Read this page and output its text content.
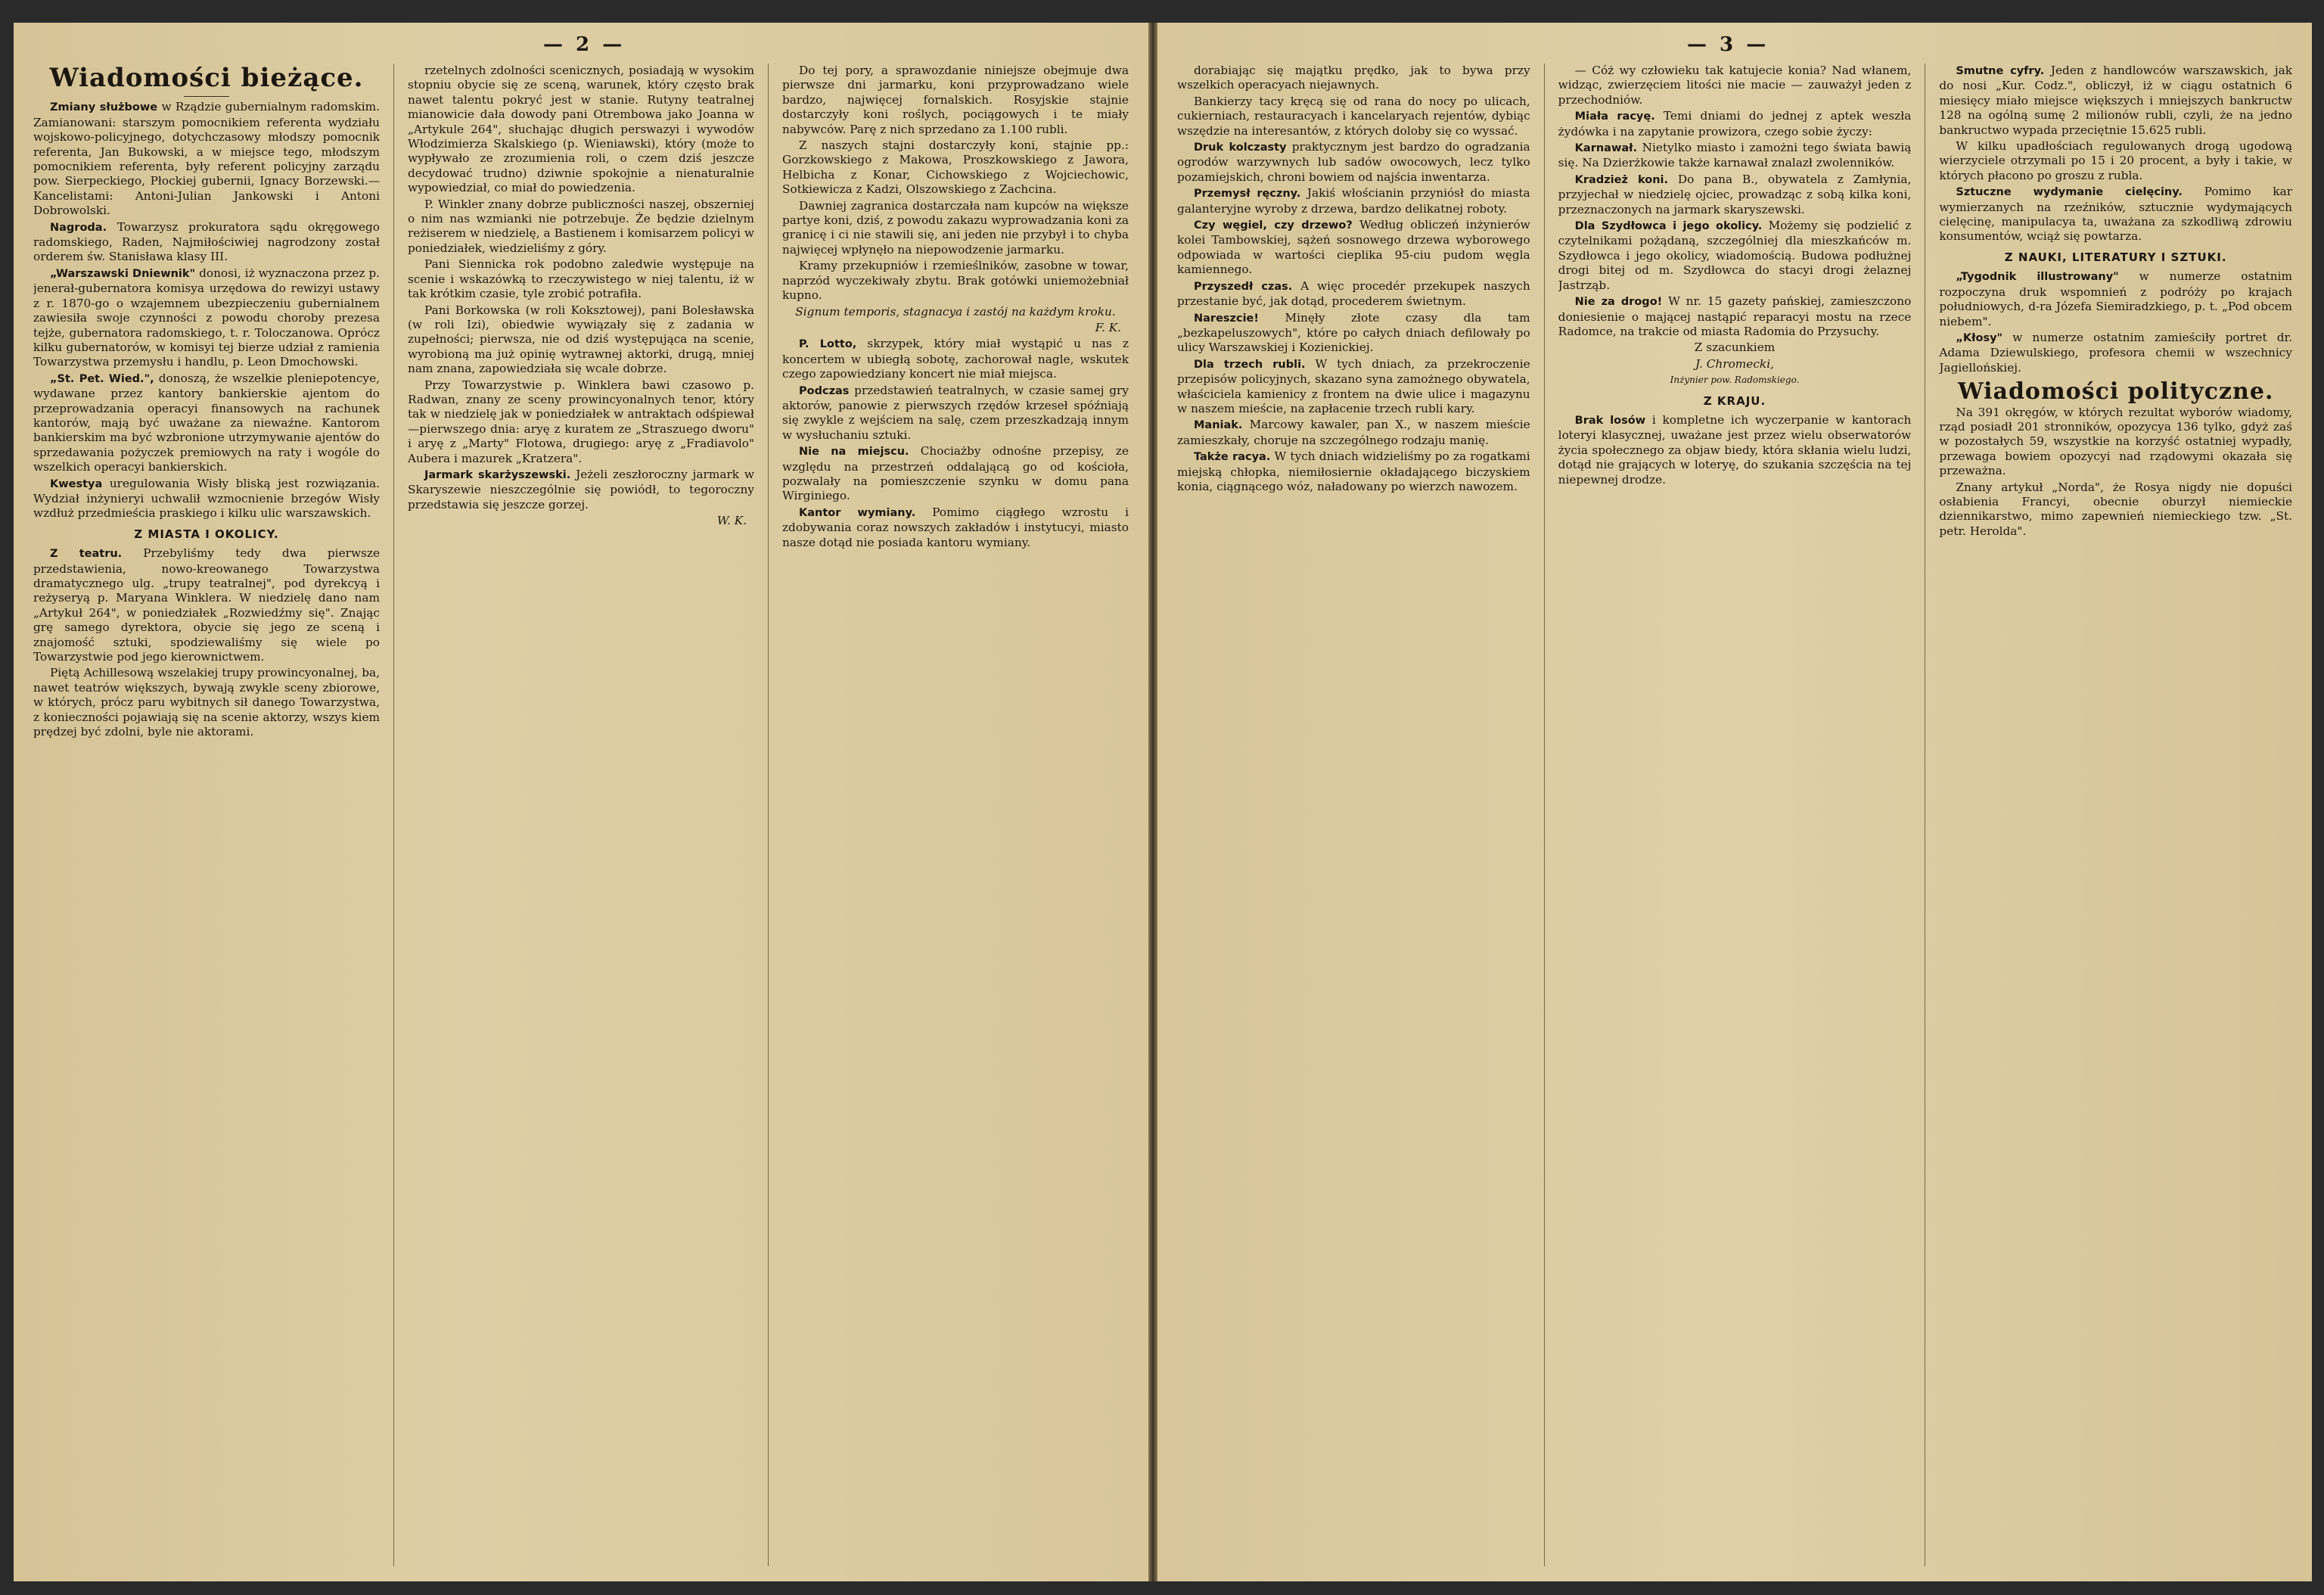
— 2 —
Wiadomości bieżące.

Zmiany służbowe w Rządzie gubernialnym radomskim. Zamianowani: starszym pomocnikiem referenta wydziału wojskowo-policyjnego, dotychczasowy młodszy pomocnik referenta, Jan Bukowski, a w miejsce tego, młodszym pomocnikiem referenta, były referent policyjny zarządu pow. Sierpeckiego, Płockiej gubernii, Ignacy Borzewski.—Kancelistami: Antoni-Julian Jankowski i Antoni Dobrowolski.

Nagroda. Towarzysz prokuratora sądu okręgowego radomskiego, Raden, Najmiłościwiej nagrodzony został orderem św. Stanisława klasy III.

„Warszawski Dniewnik" donosi, iż wyznaczona przez p. jenerał-gubernatora komisya urzędowa do rewizyi ustawy z r. 1870-go o wzajemnem ubezpieczeniu gubernialnem zawiesiła swoje czynności z powodu choroby prezesa tejże, gubernatora radomskiego, t. r. Toloczanowa. Oprócz kilku gubernatorów, w komisyi tej bierze udział z ramienia Towarzystwa przemysłu i handlu, p. Leon Dmochowski.

„St. Pet. Wied.", donoszą, że wszelkie pleniepotencye, wydawane przez kantory bankierskie ajentom do przeprowadzania operacyi finansowych na rachunek kantorów, mają być uważane za niewaźne. Kantorom bankierskim ma być wzbronione utrzymywanie ajentów do sprzedawania pożyczek premiowych na raty i wogóle do wszelkich operacyi bankierskich.

Kwestya uregulowania Wisły bliską jest rozwiązania. Wydział inżynieryi uchwalił wzmocnienie brzegów Wisły wzdłuż przedmieścia praskiego i kilku ulic warszawskich.

Z MIASTA I OKOLICY.

Z teatru. Przebyliśmy tedy dwa pierwsze przedstawienia, nowo-kreowanego Towarzystwa dramatycznego ulg. „trupy teatralnej", pod dyrekcyą i reżyseryą p. Maryana Winklera. W niedzielę dano nam „Artykuł 264", w poniedziałek „Rozwiedźmy się". Znając grę samego dyrektora, obycie się jego ze sceną i znajomość sztuki, spodziewaliśmy się wiele po Towarzystwie pod jego kierownictwem.

Piętą Achillesową wszelakiej trupy prowincyonalnej, ba, nawet teatrów większych, bywają zwykle sceny zbiorowe, w których, prócz paru wybitnych sił danego Towarzystwa, z konieczności pojawiają się na scenie aktorzy, wszys kiem prędzej być zdolni, byle nie aktorami.

rzetelnych zdolności scenicznych, posiadają w wysokim stopniu obycie się ze sceną, warunek, który często brak nawet talentu pokryć jest w stanie. Rutyny teatralnej mianowicie dała dowody pani Otrembowa jako Joanna w „Artykule 264", słuchając długich perswazyi i wywodów Włodzimierza Skalskiego (p. Wieniawski), który (może to wypływało ze zrozumienia roli, o czem dziś jeszcze decydować trudno) dziwnie spokojnie a nienaturalnie wypowiedział, co miał do powiedzenia.

P. Winkler znany dobrze publiczności naszej, obszerniej o nim nas wzmianki nie potrzebuje. Że będzie dzielnym reżiserem w niedzielę, a Bastienem i komisarzem policyi w poniedziałek, wiedzieliśmy z góry.

Pani Siennicka rok podobno zaledwie występuje na scenie i wskazówką to rzeczywistego w niej talentu, iż w tak krótkim czasie, tyle zrobić potrafiła.

Pani Borkowska (w roli Koksztowej), pani Bolesławska (w roli Izi), obiedwie wywiązały się z zadania w zupełności; pierwsza, nie od dziś występująca na scenie, wyrobioną ma już opinię wytrawnej aktorki, drugą, mniej nam znana, zapowiedziała się wcale dobrze.

Przy Towarzystwie p. Winklera bawi czasowo p. Radwan, znany ze sceny prowincyonalnych tenor, który tak w niedzielę jak w poniedziałek w antraktach odśpiewał—pierwszego dnia: aryę z kuratem ze „Straszuego dworu" i aryę z „Marty" Flotowa, drugiego: aryę z „Fradiavolo" Aubera i mazurek „Kratzera".

Jarmark skarżyszewski. Jeżeli zeszłoroczny jarmark w Skaryszewie nieszczególnie się powiódł, to tegoroczny przedstawia się jeszcze gorzej.

W. K.

Do tej pory, a sprawozdanie niniejsze obejmuje dwa pierwsze dni jarmarku, koni przyprowadzano wiele bardzo, najwięcej fornalskich. Rosyjskie stajnie dostarczyły koni roślych, pociągowych i te miały nabywców. Parę z nich sprzedano za 1.100 rubli.

Z naszych stajni dostarczyły koni, stajnie pp.: Gorzkowskiego z Makowa, Proszkowskiego z Jawora, Helbicha z Konar, Cichowskiego z Wojciechowic, Sotkiewicza z Kadzi, Olszowskiego z Zachcina.

Dawniej zagranica dostarczała nam kupców na większe partye koni, dziś, z powodu zakazu wyprowadzania koni za granicę i ci nie stawili się, ani jeden nie przybył i to chyba najwięcej wpłynęło na niepowodzenie jarmarku.

Kramy przekupniów i rzemieślników, zasobne w towar, naprzód wyczekiwały zbytu. Brak gotówki uniemożebniał kupno.

Signum temporis, stagnacya i zastój na każdym kroku.

F. K.

P. Lotto, skrzypek, który miał wystąpić u nas z koncertem w ubiegłą sobotę, zachorował nagle, wskutek czego zapowiedziany koncert nie miał miejsca.

Podczas przedstawień teatralnych, w czasie samej gry aktorów, panowie z pierwszych rzędów krzeseł spóźniają się zwykle z wejściem na salę, czem przeszkadzają innym w wysłuchaniu sztuki.

Nie na miejscu. Chociażby odnośne przepisy, ze względu na przestrzeń oddalającą go od kościoła, pozwalały na pomieszczenie szynku w domu pana Wirginiego.

Kantor wymiany. Pomimo ciągłego wzrostu i zdobywania coraz nowszych zakładów i instytucyi, miasto nasze dotąd nie posiada kantoru wymiany.

— 3 —

dorabiając się majątku prędko, jak to bywa przy wszelkich operacyach niejawnych.

Bankierzy tacy kręcą się od rana do nocy po ulicach, cukierniach, restauracyach i kancelaryach rejentów, dybiąc wszędzie na interesantów, z których doloby się co wyssać.

Druk kolczasty praktycznym jest bardzo do ogradzania ogrodów warzywnych lub sadów owocowych, lecz tylko pozamiejskich, chroni bowiem od najścia inwentarza.

Przemysł ręczny. Jakiś włościanin przyniósł do miasta galanteryjne wyroby z drzewa, bardzo delikatnej roboty.

Czy węgiel, czy drzewo? Według obliczeń inżynierów kolei Tambowskiej, sążeń sosnowego drzewa wyborowego odpowiada w wartości cieplika 95-ciu pudom węgla kamiennego.

Przyszedł czas. A więc procedér przekupek naszych przestanie być, jak dotąd, procederem świetnym.

Nareszcie! Minęły złote czasy dla tam „bezkapeluszowych", które po całych dniach defilowały po ulicy Warszawskiej i Kozienickiej.

Dla trzech rubli. W tych dniach, za przekroczenie przepisów policyjnych, skazano syna zamożnego obywatela, właściciela kamienicy z frontem na dwie ulice i magazynu w naszem mieście, na zapłacenie trzech rubli kary.

Maniak. Marcowy kawaler, pan X., w naszem mieście zamieszkały, choruje na szczególnego rodzaju manię.

Także racya. W tych dniach widzieliśmy po za rogatkami miejską chłopka, niemiłosiernie okładającego biczyskiem konia, ciągnącego wóz, naładowany po wierzch nawozem.

— Cóż wy człowieku tak katujecie konia? Nad włanem, widząc, zwierzęciem litości nie macie — zauważył jeden z przechodniów.

Miała racyę. Temi dniami do jednej z aptek weszła żydówka i na zapytanie prowizora, czego sobie życzy:

Karnawał. Nietylko miasto i zamożni tego świata bawią się. Na Dzierżkowie także karnawał znalazł zwolenników.

Kradzież koni. Do pana B., obywatela z Zamłynia, przyjechał w niedzielę ojciec, prowadząc z sobą kilka koni, przeznaczonych na jarmark skaryszewski.

Dla Szydłowca i jego okolicy. Możemy się podzielić z czytelnikami pożądaną, szczególniej dla mieszkańców m. Szydłowca i jego okolicy, wiadomością. Budowa podłużnej drogi bitej od m. Szydłowca do stacyi drogi żelaznej Jastrząb.

Nie za drogo! W nr. 15 gazety pańskiej, zamieszczono doniesienie o mającej nastąpić reparacyi mostu na rzece Radomce, na trakcie od miasta Radomia do Przysuchy.

Z szacunkiem
J. Chromecki,
Inżynier pow. Radomskiego.
Z KRAJU.

Brak losów i kompletne ich wyczerpanie w kantorach loteryi klasycznej, uważane jest przez wielu obserwatorów życia społecznego za objaw biedy, która skłania wielu ludzi, dotąd nie grających w loteryę, do szukania szczęścia na tej niepewnej drodze.

Smutne cyfry. Jeden z handlowców warszawskich, jak do nosi „Kur. Codz.", obliczył, iż w ciągu ostatnich 6 miesięcy miało miejsce większych i mniejszych bankructw 128 na ogólną sumę 2 milionów rubli, czyli, że na jedno bankructwo wypada przeciętnie 15.625 rubli.

W kilku upadłościach regulowanych drogą ugodową wierzyciele otrzymali po 15 i 20 procent, a były i takie, w których płacono po groszu z rubla.

Sztuczne wydymanie cielęciny. Pomimo kar wymierzanych na rzeźników, sztucznie wydymających cielęcinę, manipulacya ta, uważana za szkodliwą zdrowiu konsumentów, wciąż się powtarza.

Z NAUKI, LITERATURY I SZTUKI.

„Tygodnik illustrowany" w numerze ostatnim rozpoczyna druk wspomnień z podróży po krajach południowych, d-ra Józefa Siemiradzkiego, p. t. „Pod obcem niebem".

„Kłosy" w numerze ostatnim zamieściły portret dr. Adama Dziewulskiego, profesora chemii w wszechnicy Jagiellońskiej.

Wiadomości polityczne.

Na 391 okręgów, w których rezultat wyborów wiadomy, rząd posiadł 201 stronników, opozycya 136 tylko, gdyż zaś w pozostałych 59, wszystkie na korzyść ostatniej wypadły, przewaga bowiem opozycyi nad rządowymi okazała się przeważna.

Znany artykuł „Norda", że Rosya nigdy nie dopuści osłabienia Francyi, obecnie oburzył niemieckie dziennikarstwo, mimo zapewnień niemieckiego tzw. „St. petr. Herolda".
